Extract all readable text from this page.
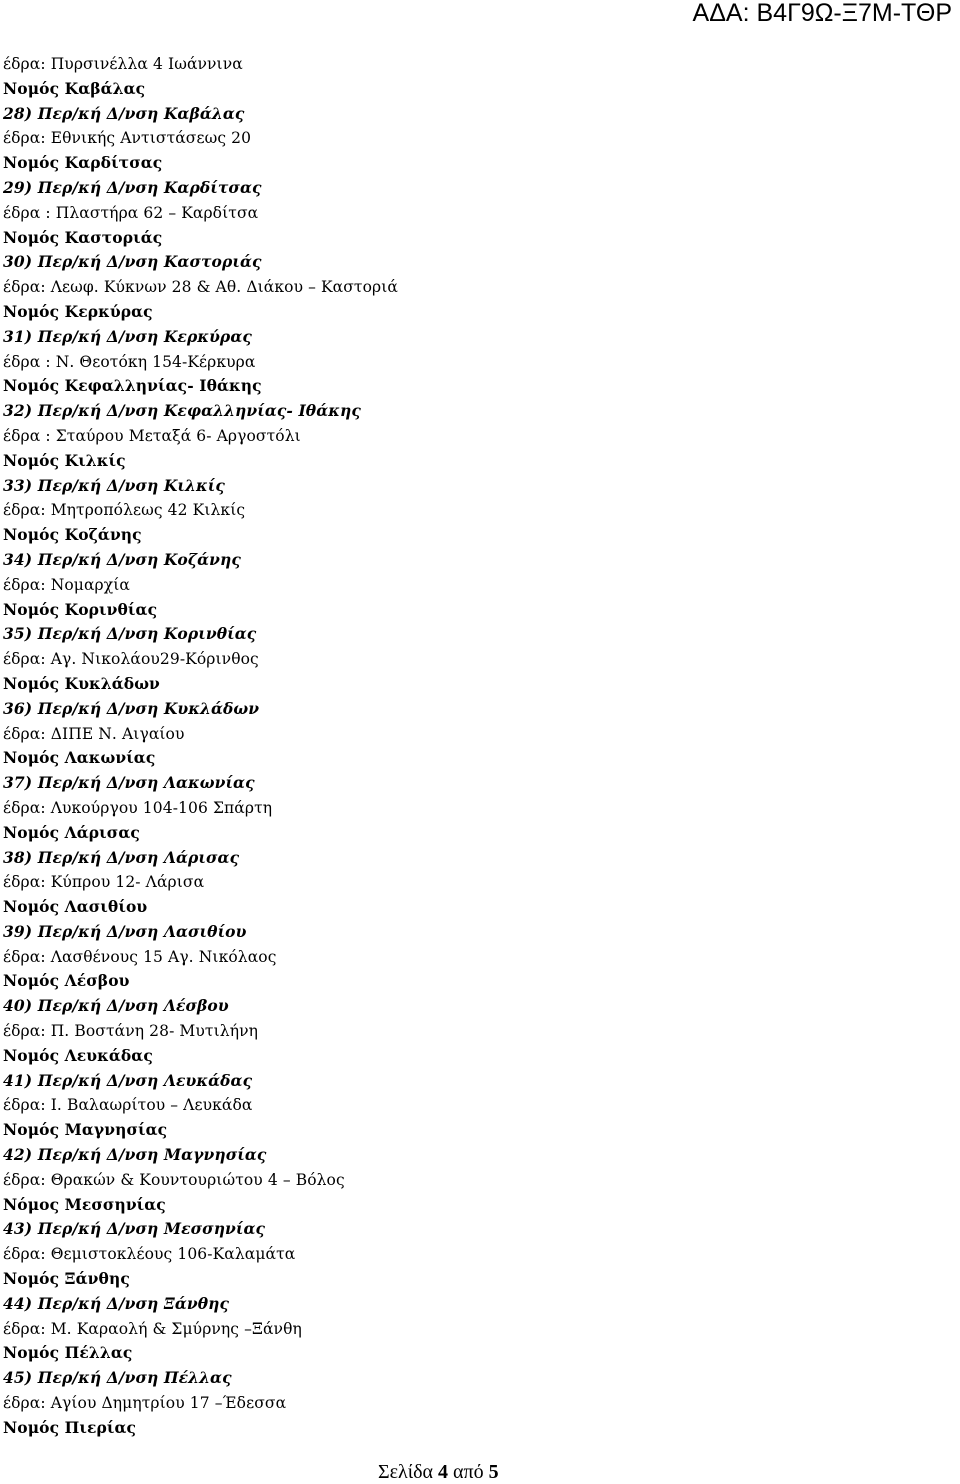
ΑΔΑ: Β4Γ9Ω-Ξ7Μ-ΤΘΡ
έδρα: Πυρσινέλλα 4 Ιωάννινα
Νομός Καβάλας
28) Περ/κή Δ/νση Καβάλας
έδρα: Εθνικής Αντιστάσεως 20
Νομός Καρδίτσας
29) Περ/κή Δ/νση Καρδίτσας
έδρα : Πλαστήρα 62 – Καρδίτσα
Νομός Καστοριάς
30) Περ/κή Δ/νση Καστοριάς
έδρα: Λεωφ. Κύκνων 28 & Αθ. Διάκου – Καστοριά
Νομός Κερκύρας
31) Περ/κή Δ/νση Κερκύρας
έδρα : Ν. Θεοτόκη 154-Κέρκυρα
Νομός Κεφαλληνίας- Ιθάκης
32) Περ/κή Δ/νση Κεφαλληνίας- Ιθάκης
έδρα : Σταύρου Μεταξά 6- Αργοστόλι
Νομός Κιλκίς
33) Περ/κή Δ/νση Κιλκίς
έδρα: Μητροπόλεως 42 Κιλκίς
Νομός Κοζάνης
34) Περ/κή Δ/νση Κοζάνης
έδρα: Νομαρχία
Νομός Κορινθίας
35) Περ/κή Δ/νση Κορινθίας
έδρα: Αγ. Νικολάου29-Κόρινθος
Νομός Κυκλάδων
36) Περ/κή Δ/νση Κυκλάδων
έδρα: ΔΙΠΕ Ν. Αιγαίου
Νομός Λακωνίας
37) Περ/κή Δ/νση Λακωνίας
έδρα: Λυκούργου 104-106 Σπάρτη
Νομός Λάρισας
38) Περ/κή Δ/νση Λάρισας
έδρα: Κύπρου 12- Λάρισα
Νομός Λασιθίου
39) Περ/κή Δ/νση Λασιθίου
έδρα: Λασθένους 15 Αγ. Νικόλαος
Νομός Λέσβου
40) Περ/κή Δ/νση Λέσβου
έδρα: Π. Βοστάνη 28- Μυτιλήνη
Νομός Λευκάδας
41) Περ/κή Δ/νση Λευκάδας
έδρα: Ι. Βαλαωρίτου – Λευκάδα
Νομός Μαγνησίας
42) Περ/κή Δ/νση Μαγνησίας
έδρα: Θρακών & Κουντουριώτου 4 – Βόλος
Νόμος Μεσσηνίας
43) Περ/κή Δ/νση Μεσσηνίας
έδρα: Θεμιστοκλέους 106-Καλαμάτα
Νομός Ξάνθης
44) Περ/κή Δ/νση Ξάνθης
έδρα: Μ. Καραολή & Σμύρνης –Ξάνθη
Νομός Πέλλας
45) Περ/κή Δ/νση Πέλλας
έδρα: Αγίου Δημητρίου 17 –Έδεσσα
Νομός Πιερίας
Σελίδα 4 από 5
